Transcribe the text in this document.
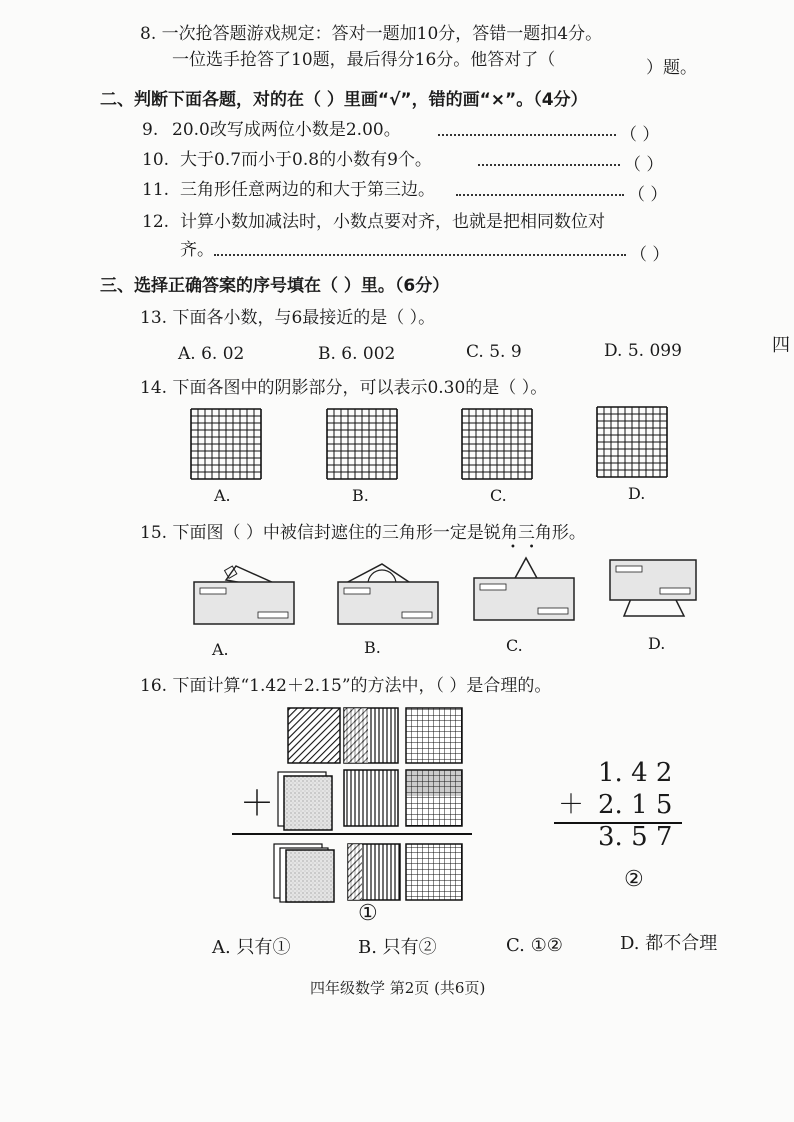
8. 一次抢答题游戏规定：答对一题加10分，答错一题扣4分。
一位选手抢答了10题，最后得分16分。他答对了（	）题。
二、判断下面各题，对的在（ ）里画“√”，错的画“×”。（4分）
9. 20.0改写成两位小数是2.00。	（ ）
10. 大于0.7而小于0.8的小数有9个。	（ ）
11. 三角形任意两边的和大于第三边。	（ ）
12. 计算小数加减法时，小数点要对齐，也就是把相同数位对
齐。	（ ）
三、选择正确答案的序号填在（ ）里。（6分）
13. 下面各小数，与6最接近的是（ ）。
A. 6. 02	B. 6. 002	C. 5. 9	D. 5. 099
14. 下面各图中的阴影部分，可以表示0.30的是（ ）。
A.	B.	C.	D.
15. 下面图（ ）中被信封遮住的三角形一定是锐角三角形。
•    •
A.	B.	C.	D.
16. 下面计算“1.42＋2.15”的方法中，（ ）是合理的。
＋
①
1. 4 2
＋ 2. 1 5
3. 5 7
②
A. 只有①	B. 只有②	C. ①②	D. 都不合理
四年级数学 第2页 (共6页)
四
